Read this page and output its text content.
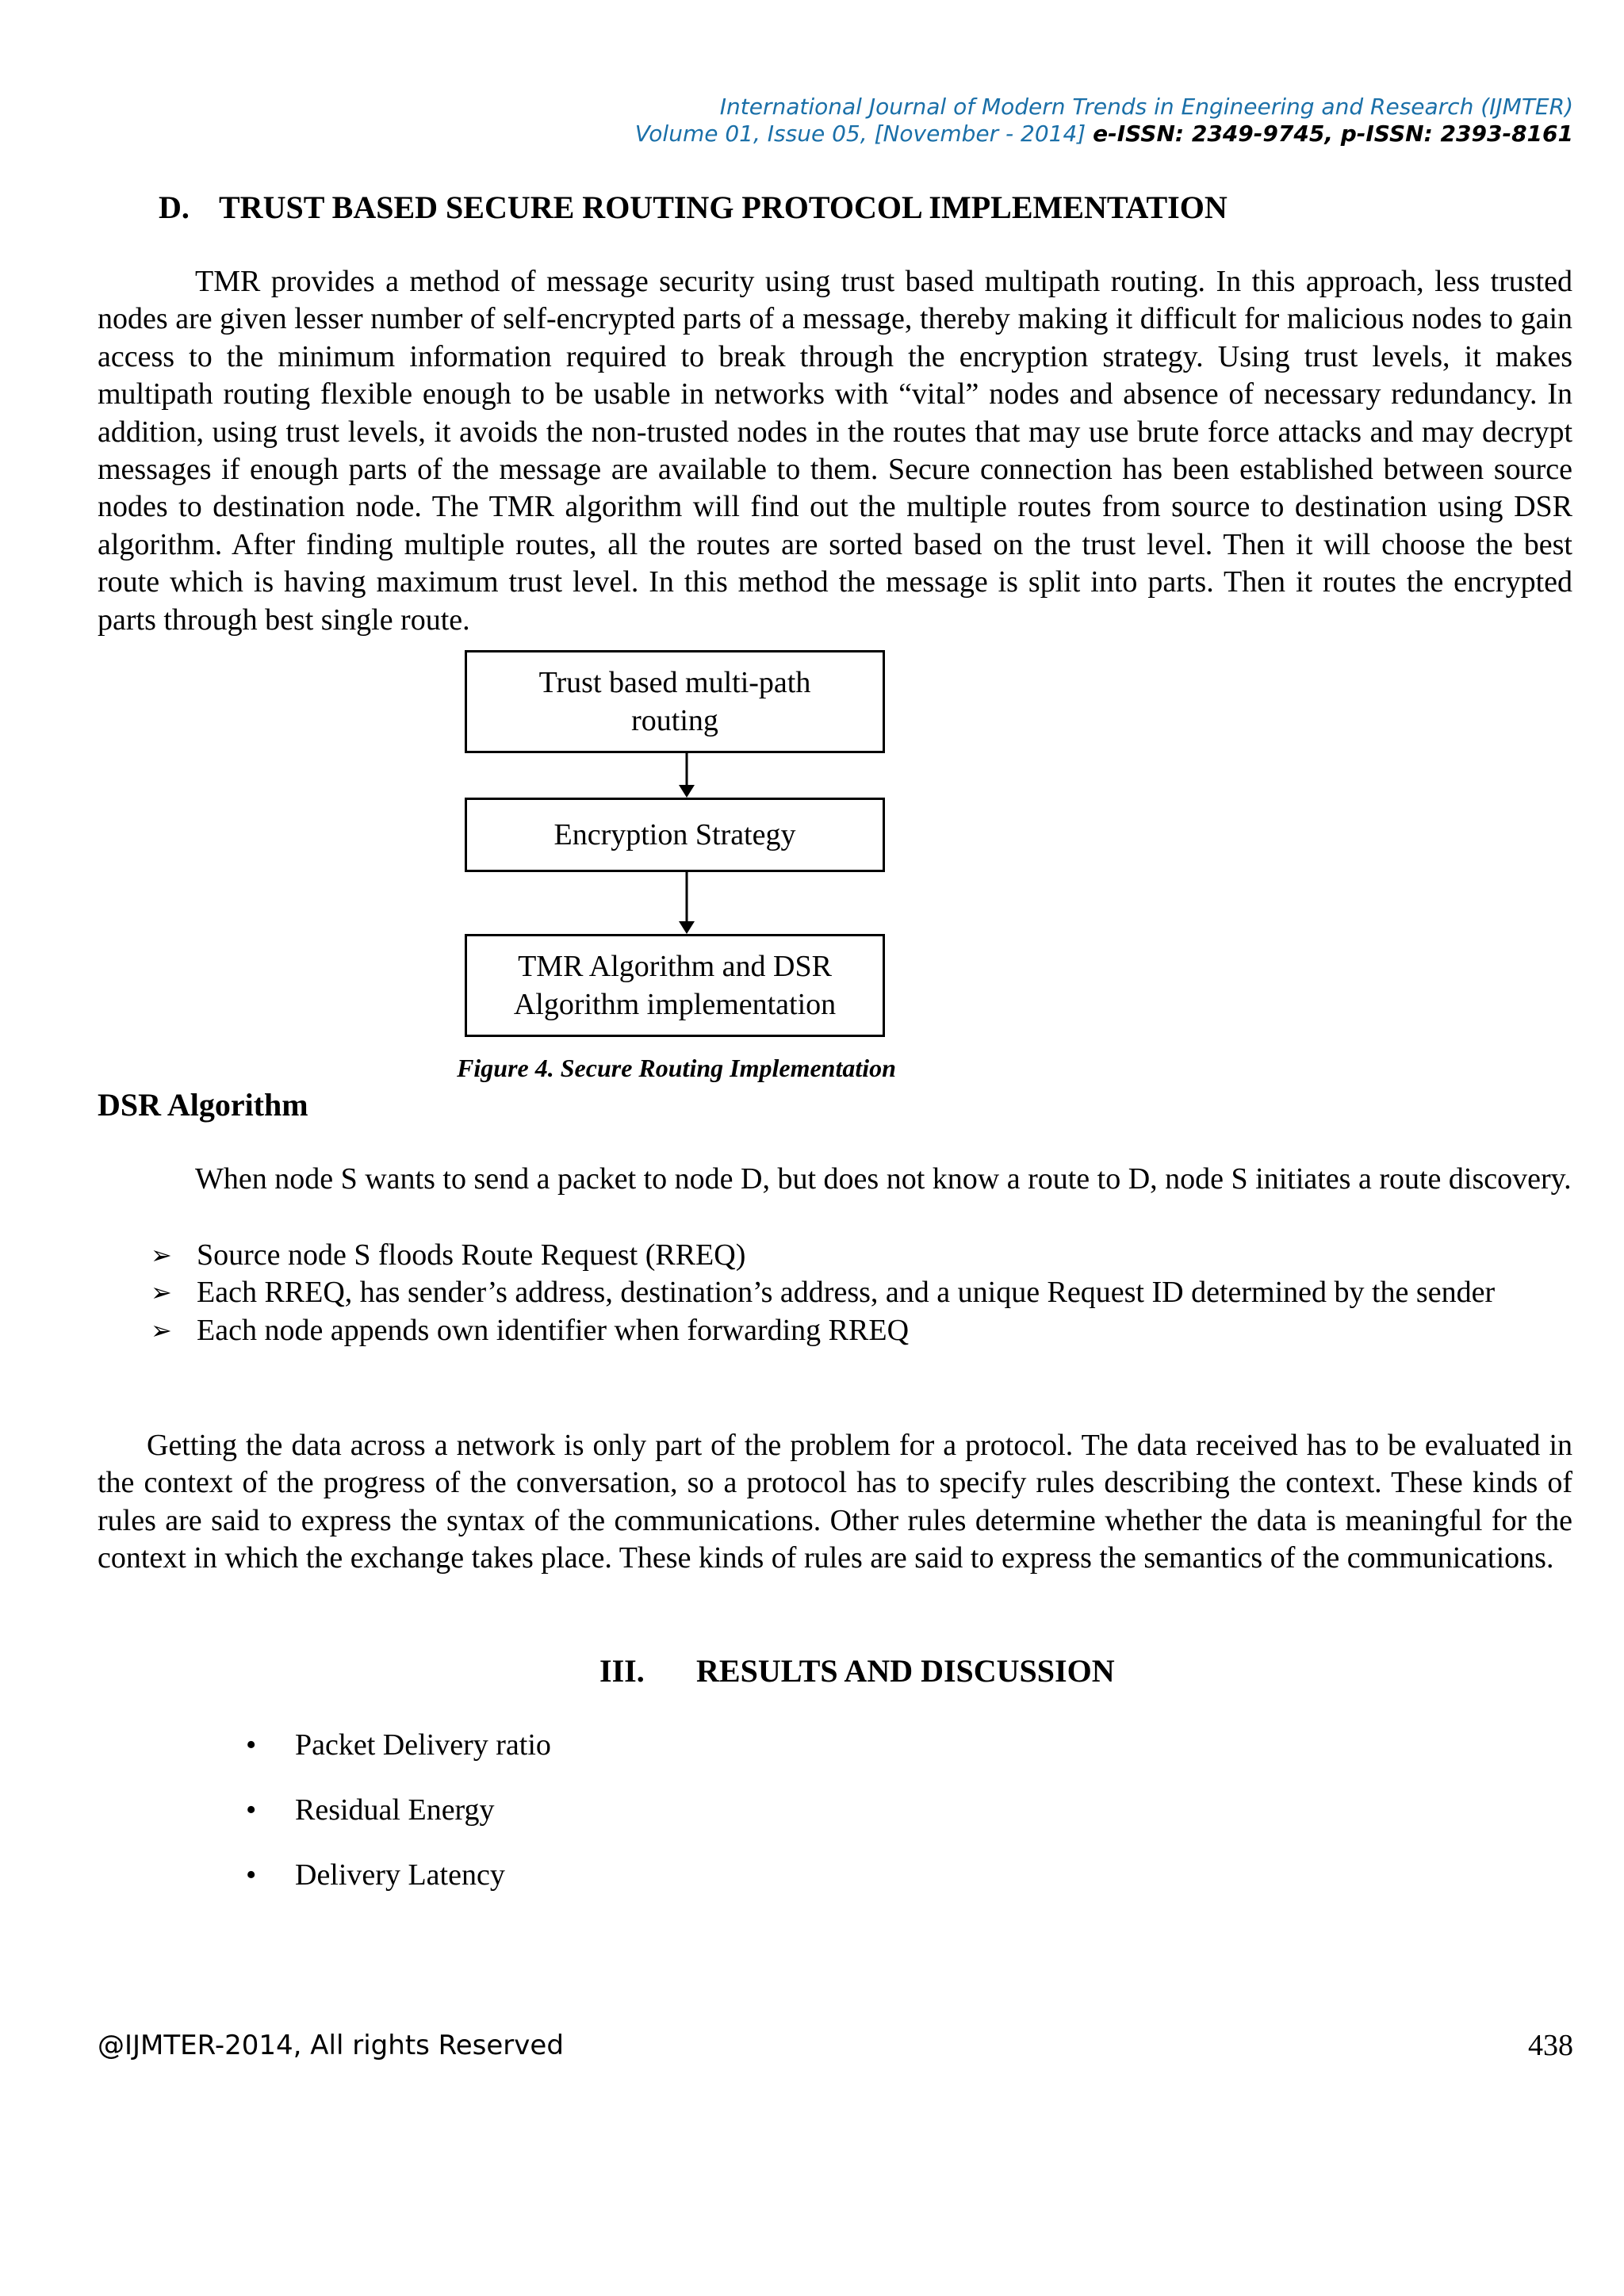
International Journal of Modern Trends in Engineering and Research (IJMTER)
Volume 01, Issue 05, [November - 2014] e-ISSN: 2349-9745, p-ISSN: 2393-8161
D. TRUST BASED SECURE ROUTING PROTOCOL IMPLEMENTATION
TMR provides a method of message security using trust based multipath routing. In this approach, less trusted nodes are given lesser number of self-encrypted parts of a message, thereby making it difficult for malicious nodes to gain access to the minimum information required to break through the encryption strategy. Using trust levels, it makes multipath routing flexible enough to be usable in networks with “vital” nodes and absence of necessary redundancy. In addition, using trust levels, it avoids the non-trusted nodes in the routes that may use brute force attacks and may decrypt messages if enough parts of the message are available to them. Secure connection has been established between source nodes to destination node. The TMR algorithm will find out the multiple routes from source to destination using DSR algorithm. After finding multiple routes, all the routes are sorted based on the trust level. Then it will choose the best route which is having maximum trust level. In this method the message is split into parts. Then it routes the encrypted parts through best single route.
Trust based multi-path
routing
Encryption Strategy
TMR Algorithm and DSR
Algorithm implementation
Figure 4. Secure Routing Implementation
DSR Algorithm
When node S wants to send a packet to node D, but does not know a route to D, node S initiates a route discovery.
➢ Source node S floods Route Request (RREQ)
➢ Each RREQ, has sender’s address, destination’s address, and a unique Request ID determined by the sender
➢ Each node appends own identifier when forwarding RREQ
Getting the data across a network is only part of the problem for a protocol. The data received has to be evaluated in the context of the progress of the conversation, so a protocol has to specify rules describing the context. These kinds of rules are said to express the syntax of the communications. Other rules determine whether the data is meaningful for the context in which the exchange takes place. These kinds of rules are said to express the semantics of the communications.
III. RESULTS AND DISCUSSION
• Packet Delivery ratio
• Residual Energy
• Delivery Latency
@IJMTER-2014, All rights Reserved	438
